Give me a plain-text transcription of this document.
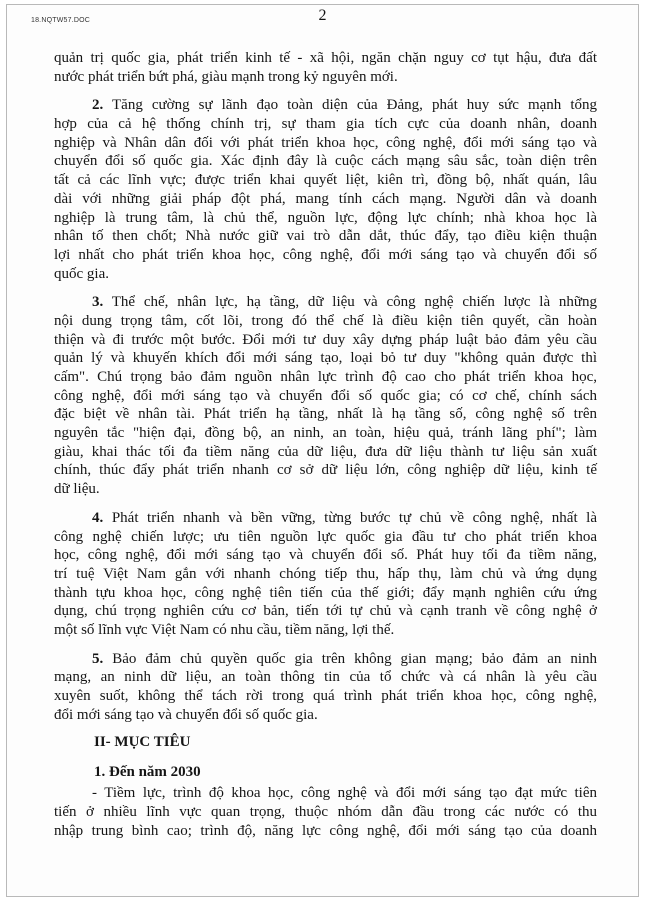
18.NQTW57.DOC	2
quản trị quốc gia, phát triển kinh tế - xã hội, ngăn chặn nguy cơ tụt hậu, đưa đất
nước phát triển bứt phá, giàu mạnh trong kỷ nguyên mới.
2. Tăng cường sự lãnh đạo toàn diện của Đảng, phát huy sức mạnh tổng
hợp của cả hệ thống chính trị, sự tham gia tích cực của doanh nhân, doanh
nghiệp và Nhân dân đối với phát triển khoa học, công nghệ, đổi mới sáng tạo và
chuyển đổi số quốc gia. Xác định đây là cuộc cách mạng sâu sắc, toàn diện trên
tất cả các lĩnh vực; được triển khai quyết liệt, kiên trì, đồng bộ, nhất quán, lâu
dài với những giải pháp đột phá, mang tính cách mạng. Người dân và doanh
nghiệp là trung tâm, là chủ thể, nguồn lực, động lực chính; nhà khoa học là
nhân tố then chốt; Nhà nước giữ vai trò dẫn dắt, thúc đẩy, tạo điều kiện thuận
lợi nhất cho phát triển khoa học, công nghệ, đổi mới sáng tạo và chuyển đổi số
quốc gia.
3. Thể chế, nhân lực, hạ tầng, dữ liệu và công nghệ chiến lược là những
nội dung trọng tâm, cốt lõi, trong đó thể chế là điều kiện tiên quyết, cần hoàn
thiện và đi trước một bước. Đổi mới tư duy xây dựng pháp luật bảo đảm yêu cầu
quản lý và khuyến khích đổi mới sáng tạo, loại bỏ tư duy "không quản được thì
cấm". Chú trọng bảo đảm nguồn nhân lực trình độ cao cho phát triển khoa học,
công nghệ, đổi mới sáng tạo và chuyển đổi số quốc gia; có cơ chế, chính sách
đặc biệt về nhân tài. Phát triển hạ tầng, nhất là hạ tầng số, công nghệ số trên
nguyên tắc "hiện đại, đồng bộ, an ninh, an toàn, hiệu quả, tránh lãng phí"; làm
giàu, khai thác tối đa tiềm năng của dữ liệu, đưa dữ liệu thành tư liệu sản xuất
chính, thúc đẩy phát triển nhanh cơ sở dữ liệu lớn, công nghiệp dữ liệu, kinh tế
dữ liệu.
4. Phát triển nhanh và bền vững, từng bước tự chủ về công nghệ, nhất là
công nghệ chiến lược; ưu tiên nguồn lực quốc gia đầu tư cho phát triển khoa
học, công nghệ, đổi mới sáng tạo và chuyển đổi số. Phát huy tối đa tiềm năng,
trí tuệ Việt Nam gắn với nhanh chóng tiếp thu, hấp thụ, làm chủ và ứng dụng
thành tựu khoa học, công nghệ tiên tiến của thế giới; đẩy mạnh nghiên cứu ứng
dụng, chú trọng nghiên cứu cơ bản, tiến tới tự chủ và cạnh tranh về công nghệ ở
một số lĩnh vực Việt Nam có nhu cầu, tiềm năng, lợi thế.
5. Bảo đảm chủ quyền quốc gia trên không gian mạng; bảo đảm an ninh
mạng, an ninh dữ liệu, an toàn thông tin của tổ chức và cá nhân là yêu cầu
xuyên suốt, không thể tách rời trong quá trình phát triển khoa học, công nghệ,
đổi mới sáng tạo và chuyển đổi số quốc gia.
II- MỤC TIÊU
1. Đến năm 2030
- Tiềm lực, trình độ khoa học, công nghệ và đổi mới sáng tạo đạt mức tiên
tiến ở nhiều lĩnh vực quan trọng, thuộc nhóm dẫn đầu trong các nước có thu
nhập trung bình cao; trình độ, năng lực công nghệ, đổi mới sáng tạo của doanh
